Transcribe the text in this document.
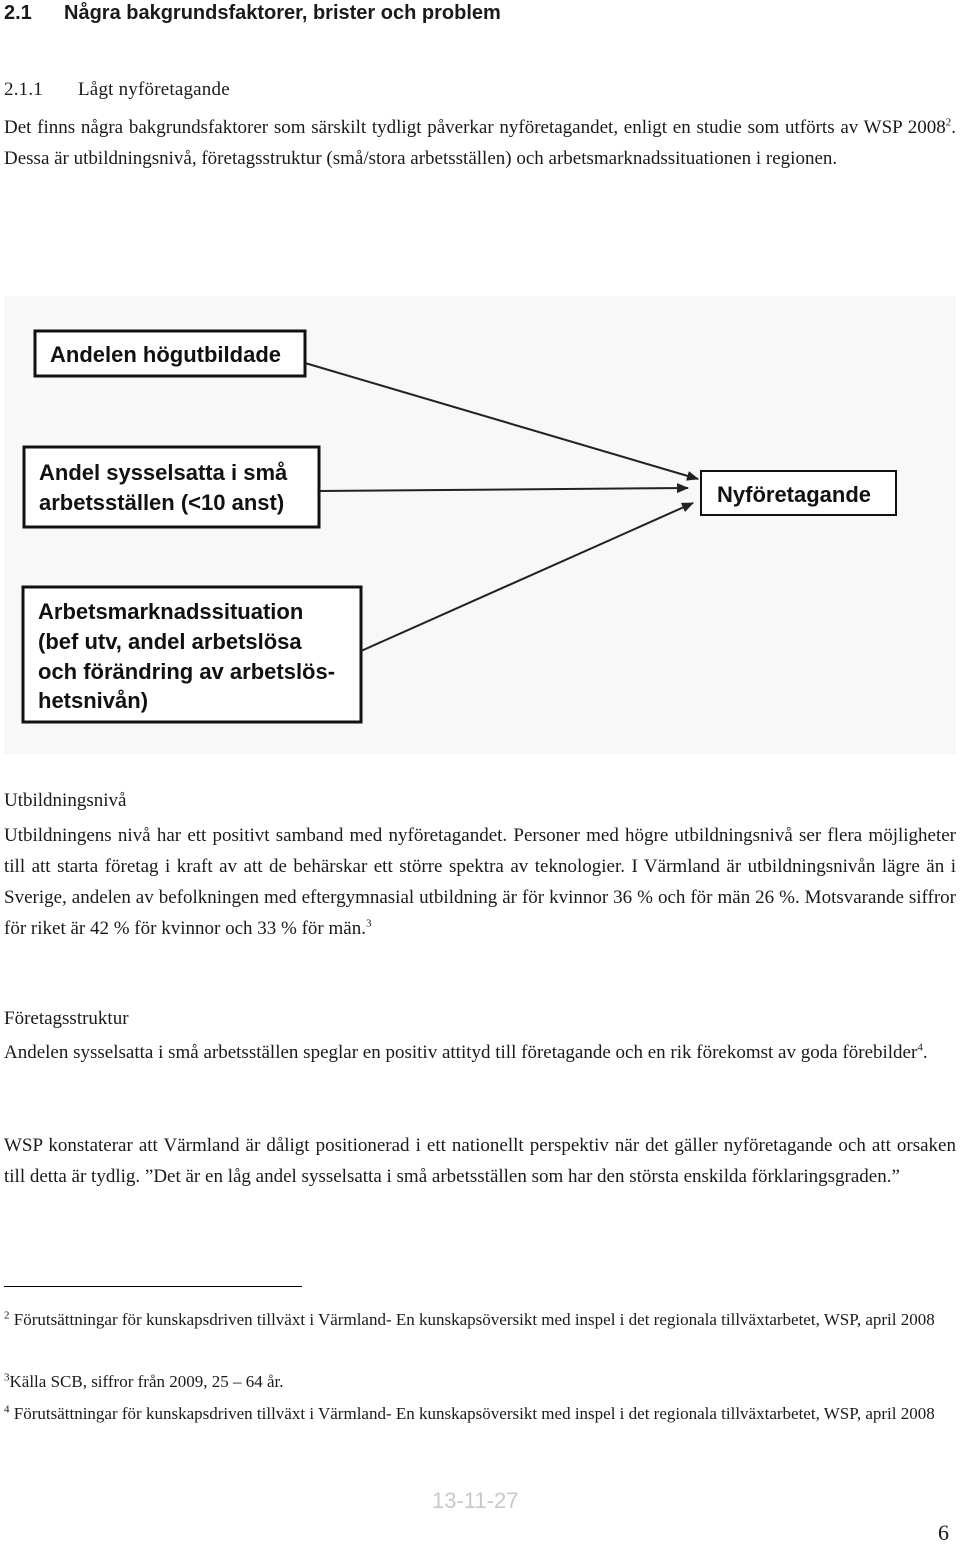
2.1 Några bakgrundsfaktorer, brister och problem
2.1.1 Lågt nyföretagande
Det finns några bakgrundsfaktorer som särskilt tydligt påverkar nyföretagandet, enligt en studie som utförts av WSP 2008$^2$. Dessa är utbildningsnivå, företagsstruktur (små/stora arbetsställen) och arbetsmarknadssituationen i regionen.
Andelen högutbildade
Andel sysselsatta i små
arbetsställen (<10 anst)
Arbetsmarknadssituation
(bef utv, andel arbetslösa
och förändring av arbetslös-
hetsnivån)
Nyföretagande
Utbildningsnivå
Utbildningens nivå har ett positivt samband med nyföretagandet. Personer med högre utbildningsnivå ser flera möjligheter till att starta företag i kraft av att de behärskar ett större spektra av teknologier. I Värmland är utbildningsnivån lägre än i Sverige, andelen av befolkningen med eftergymnasial utbildning är för kvinnor 36 % och för män 26 %. Motsvarande siffror för riket är 42 % för kvinnor och 33 % för män.$^3$
Företagsstruktur
Andelen sysselsatta i små arbetsställen speglar en positiv attityd till företagande och en rik förekomst av goda förebilder$^4$.
WSP konstaterar att Värmland är dåligt positionerad i ett nationellt perspektiv när det gäller nyföretagande och att orsaken till detta är tydlig. ”Det är en låg andel sysselsatta i små arbetsställen som har den största enskilda förklaringsgraden.”
$^2$ Förutsättningar för kunskapsdriven tillväxt i Värmland- En kunskapsöversikt med inspel i det regionala tillväxtarbetet, WSP, april 2008
$^3$Källa SCB, siffror från 2009, 25 – 64 år.
$^4$ Förutsättningar för kunskapsdriven tillväxt i Värmland- En kunskapsöversikt med inspel i det regionala tillväxtarbetet, WSP, april 2008
13-11-27
6
